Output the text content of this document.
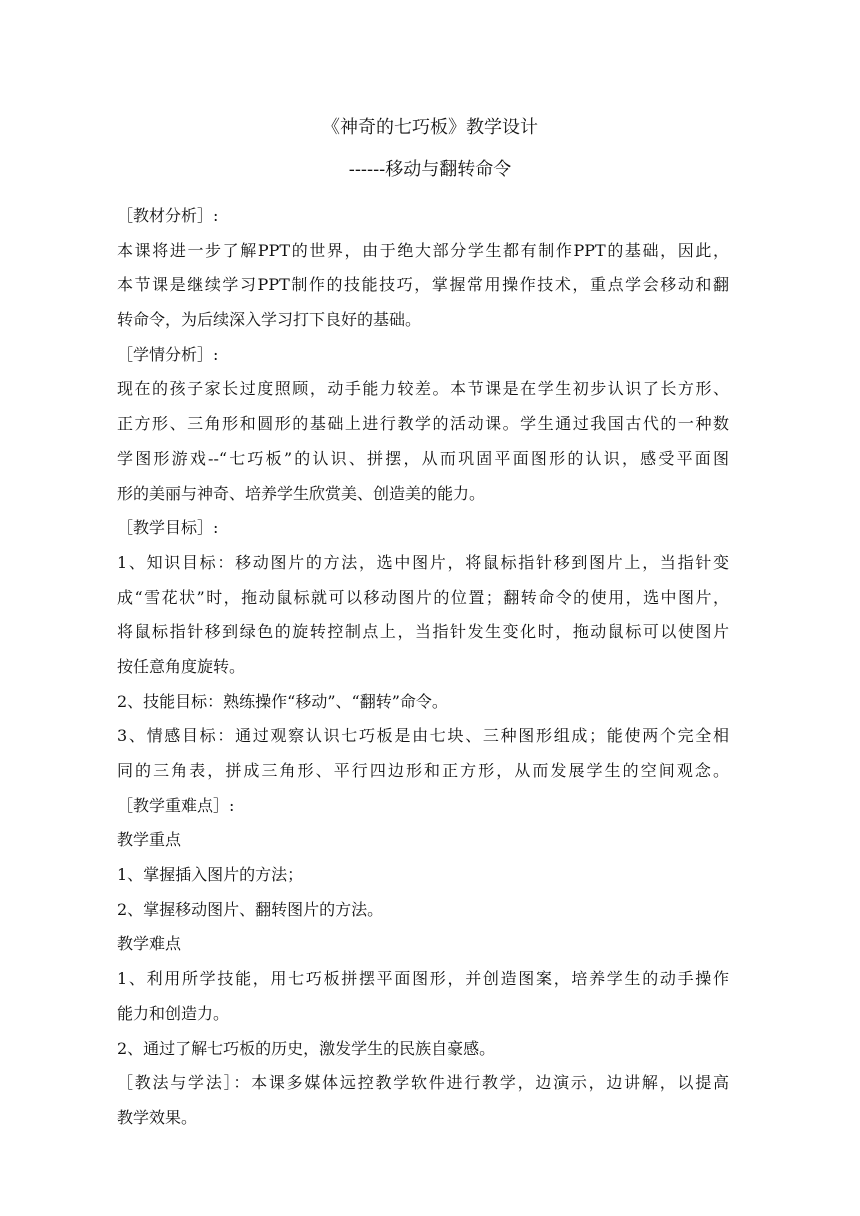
《神奇的七巧板》教学设计
------移动与翻转命令
［教材分析］:
本课将进一步了解PPT的世界，由于绝大部分学生都有制作PPT的基础，因此，
本节课是继续学习PPT制作的技能技巧，掌握常用操作技术，重点学会移动和翻
转命令，为后续深入学习打下良好的基础。
［学情分析］:
现在的孩子家长过度照顾，动手能力较差。本节课是在学生初步认识了长方形、
正方形、三角形和圆形的基础上进行教学的活动课。学生通过我国古代的一种数
学图形游戏--“七巧板”的认识、拼摆，从而巩固平面图形的认识，感受平面图
形的美丽与神奇、培养学生欣赏美、创造美的能力。
［教学目标］:
1、知识目标：移动图片的方法，选中图片，将鼠标指针移到图片上，当指针变
成“雪花状”时，拖动鼠标就可以移动图片的位置；翻转命令的使用，选中图片，
将鼠标指针移到绿色的旋转控制点上，当指针发生变化时，拖动鼠标可以使图片
按任意角度旋转。
2、技能目标：熟练操作“移动”、“翻转”命令。
3、情感目标：通过观察认识七巧板是由七块、三种图形组成；能使两个完全相
同的三角表，拼成三角形、平行四边形和正方形，从而发展学生的空间观念。
［教学重难点］:
教学重点
1、掌握插入图片的方法；
2、掌握移动图片、翻转图片的方法。
教学难点
1、利用所学技能，用七巧板拼摆平面图形，并创造图案，培养学生的动手操作
能力和创造力。
2、通过了解七巧板的历史，激发学生的民族自豪感。
［教法与学法］：本课多媒体远控教学软件进行教学，边演示，边讲解，以提高
教学效果。
